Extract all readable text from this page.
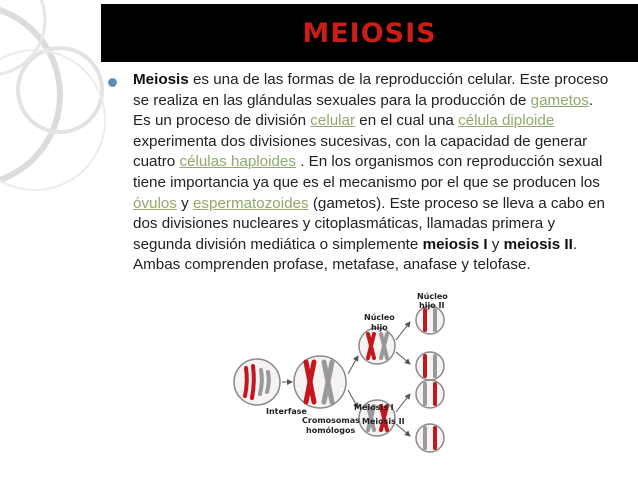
MEIOSIS

Meiosis es una de las formas de la reproducción celular. Este proceso se realiza en las glándulas sexuales para la producción de gametos. Es un proceso de división celular en el cual una célula diploide experimenta dos divisiones sucesivas, con la capacidad de generar cuatro células haploides . En los organismos con reproducción sexual tiene importancia ya que es el mecanismo por el que se producen los óvulos y espermatozoides (gametos). Este proceso se lleva a cabo en dos divisiones nucleares y citoplasmáticas, llamadas primera y segunda división mediática o simplemente meiosis I y meiosis II. Ambas comprenden profase, metafase, anafase y telofase.

Interfase
Cromosomas
homólogos
Meiosis I
Meiosis II
Núcleo
hijo
Núcleo
hijo II
